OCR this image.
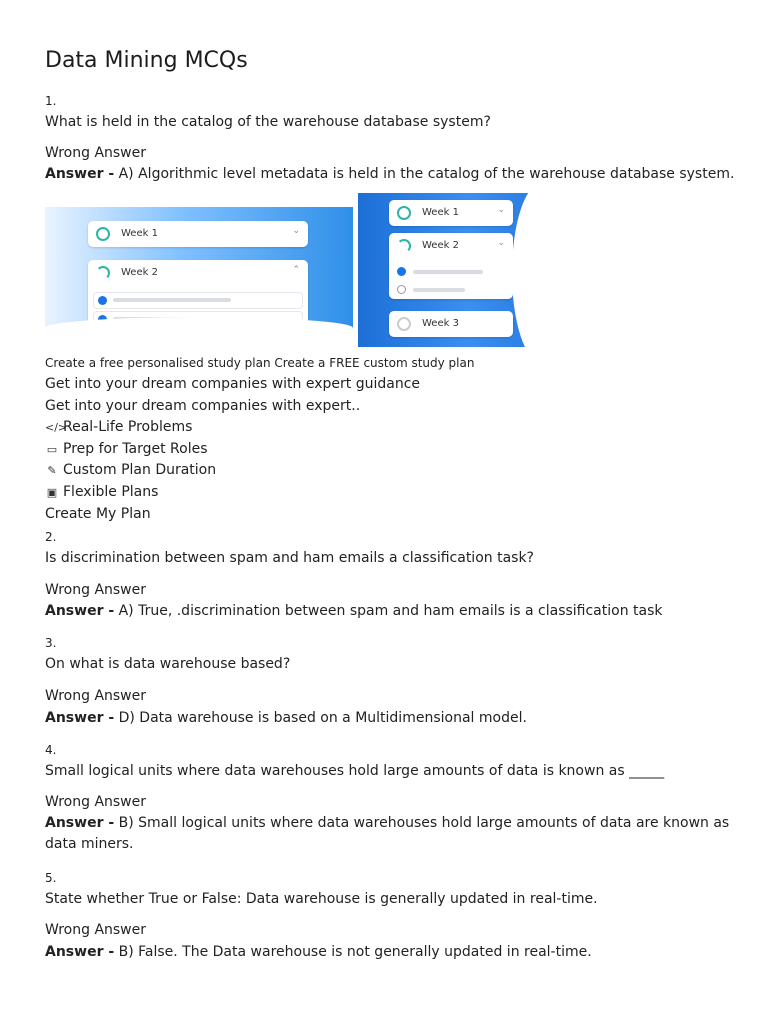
Data Mining MCQs
1.
What is held in the catalog of the warehouse database system?
Wrong Answer
Answer - A) Algorithmic level metadata is held in the catalog of the warehouse database system.
Week 1	⌄
Week 2	⌃
Week 1	⌄
Week 2	⌄
Week 3
Create a free personalised study plan Create a FREE custom study plan
Get into your dream companies with expert guidance
Get into your dream companies with expert..
</>Real-Life Problems
▭ Prep for Target Roles
✎ Custom Plan Duration
▣ Flexible Plans
Create My Plan
2.
Is discrimination between spam and ham emails a classification task?
Wrong Answer
Answer - A) True, .discrimination between spam and ham emails is a classification task
3.
On what is data warehouse based?
Wrong Answer
Answer - D) Data warehouse is based on a Multidimensional model.
4.
Small logical units where data warehouses hold large amounts of data is known as _____
Wrong Answer
Answer - B) Small logical units where data warehouses hold large amounts of data are known as data miners.
5.
State whether True or False: Data warehouse is generally updated in real-time.
Wrong Answer
Answer - B) False. The Data warehouse is not generally updated in real-time.
